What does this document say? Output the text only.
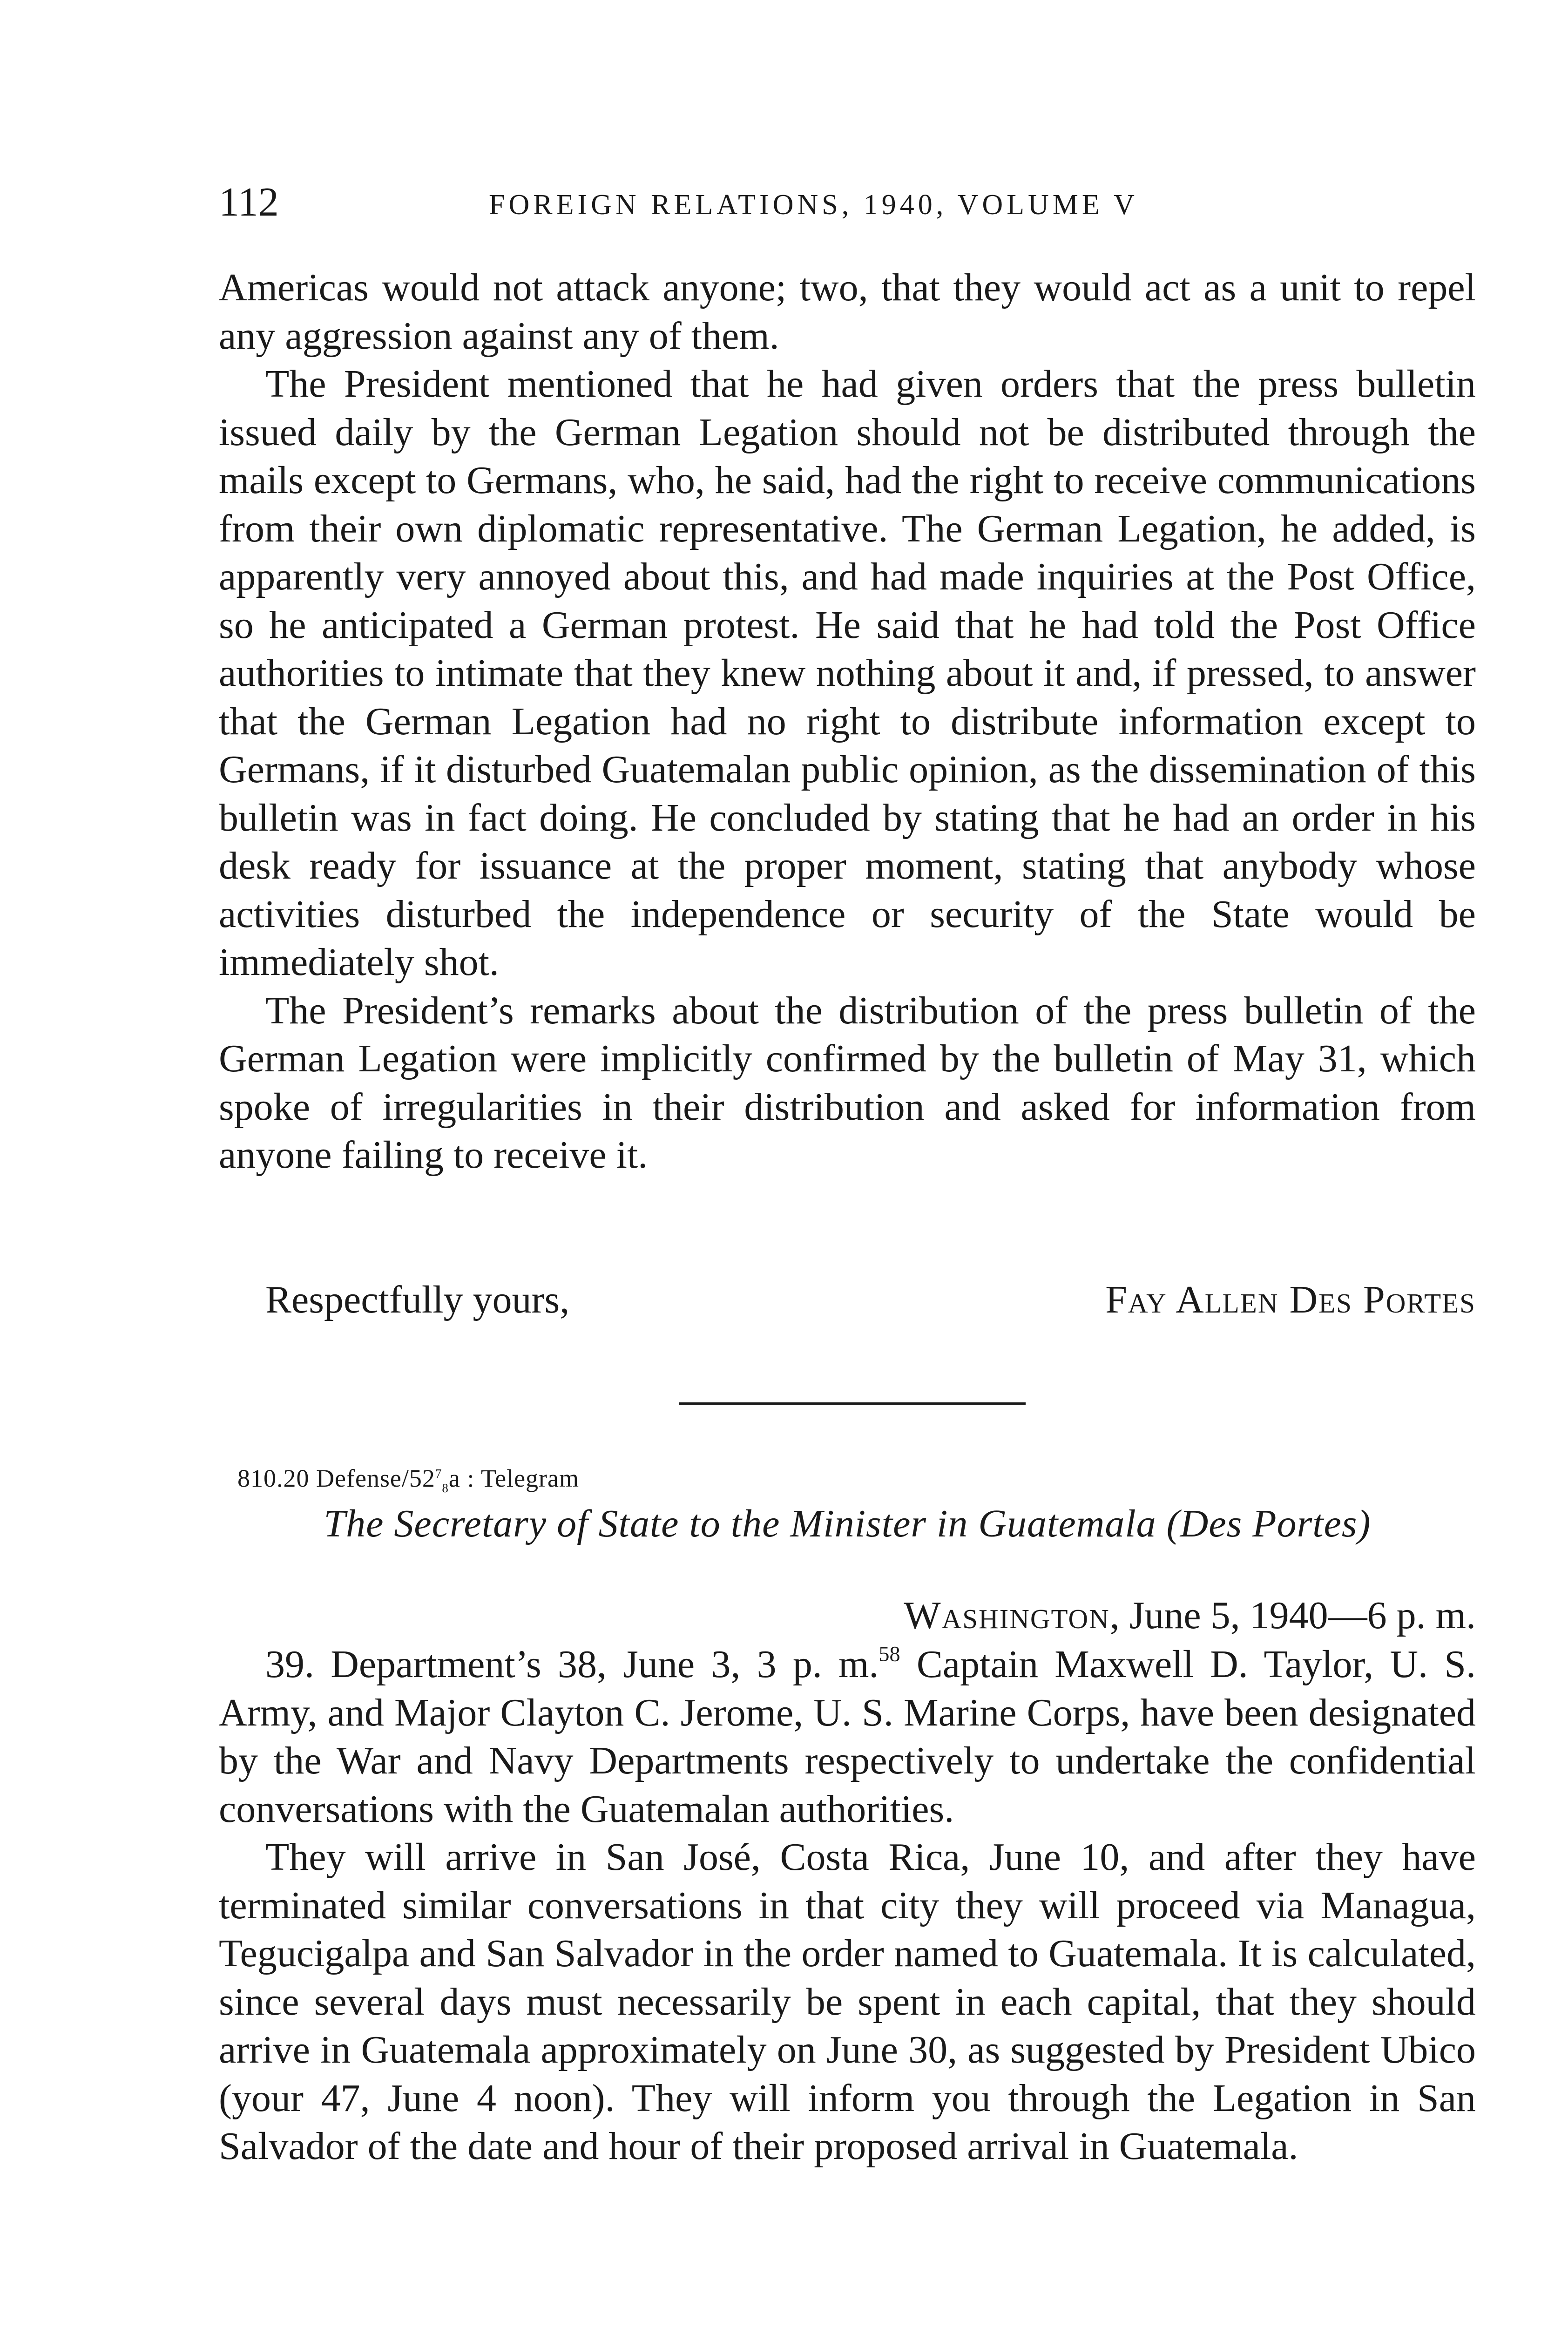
112	FOREIGN RELATIONS, 1940, VOLUME V

Americas would not attack anyone; two, that they would act as a unit to repel any aggression against any of them.

The President mentioned that he had given orders that the press bulletin issued daily by the German Legation should not be distributed through the mails except to Germans, who, he said, had the right to receive communications from their own diplomatic representative. The German Legation, he added, is apparently very annoyed about this, and had made inquiries at the Post Office, so he anticipated a German protest. He said that he had told the Post Office authorities to intimate that they knew nothing about it and, if pressed, to answer that the German Legation had no right to distribute information except to Germans, if it disturbed Guatemalan public opinion, as the dissemination of this bulletin was in fact doing. He concluded by stating that he had an order in his desk ready for issuance at the proper moment, stating that anybody whose activities disturbed the independence or security of the State would be immediately shot.

The President’s remarks about the distribution of the press bulletin of the German Legation were implicitly confirmed by the bulletin of May 31, which spoke of irregularities in their distribution and asked for information from anyone failing to receive it.

Respectfully yours,	Fay Allen Des Portes
810.20 Defense/$52^7_8a$ : Telegram
The Secretary of State to the Minister in Guatemala (Des Portes)
Washington, June 5, 1940—6 p. m.

39. Department’s 38, June 3, 3 p. m.$^{58}$ Captain Maxwell D. Taylor, U. S. Army, and Major Clayton C. Jerome, U. S. Marine Corps, have been designated by the War and Navy Departments respectively to undertake the confidential conversations with the Guatemalan authorities.

They will arrive in San José, Costa Rica, June 10, and after they have terminated similar conversations in that city they will proceed via Managua, Tegucigalpa and San Salvador in the order named to Guatemala. It is calculated, since several days must necessarily be spent in each capital, that they should arrive in Guatemala approximately on June 30, as suggested by President Ubico (your 47, June 4 noon). They will inform you through the Legation in San Salvador of the date and hour of their proposed arrival in Guatemala.
